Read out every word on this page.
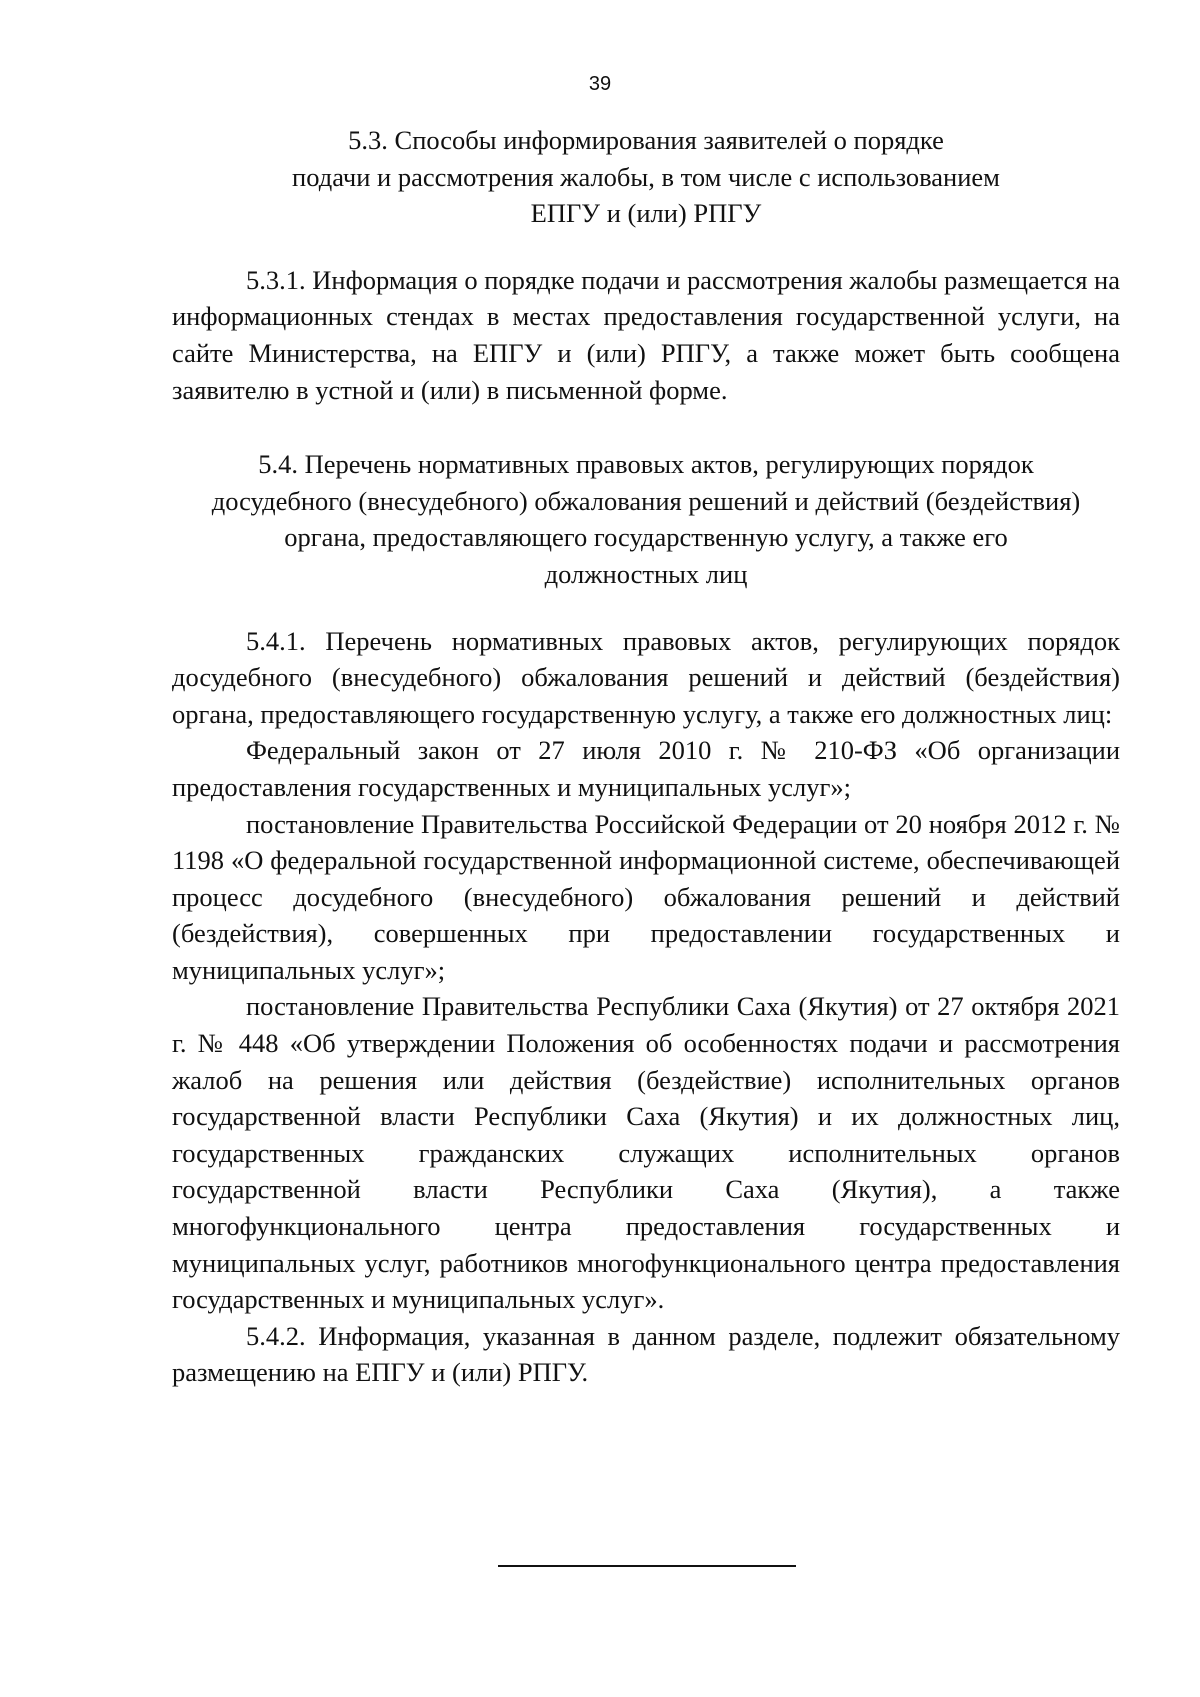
39
5.3. Способы информирования заявителей о порядке
подачи и рассмотрения жалобы, в том числе с использованием
ЕПГУ и (или) РПГУ

5.3.1. Информация о порядке подачи и рассмотрения жалобы размещается на информационных стендах в местах предоставления государственной услуги, на сайте Министерства, на ЕПГУ и (или) РПГУ, а также может быть сообщена заявителю в устной и (или) в письменной форме.

5.4. Перечень нормативных правовых актов, регулирующих порядок
досудебного (внесудебного) обжалования решений и действий (бездействия)
органа, предоставляющего государственную услугу, а также его
должностных лиц

5.4.1. Перечень нормативных правовых актов, регулирующих порядок досудебного (внесудебного) обжалования решений и действий (бездействия) органа, предоставляющего государственную услугу, а также его должностных лиц:

Федеральный закон от 27 июля 2010 г. № 210-ФЗ «Об организации предоставления государственных и муниципальных услуг»;

постановление Правительства Российской Федерации от 20 ноября 2012 г. № 1198 «О федеральной государственной информационной системе, обеспечивающей процесс досудебного (внесудебного) обжалования решений и действий (бездействия), совершенных при предоставлении государственных и муниципальных услуг»;

постановление Правительства Республики Саха (Якутия) от 27 октября 2021 г. № 448 «Об утверждении Положения об особенностях подачи и рассмотрения жалоб на решения или действия (бездействие) исполнительных органов государственной власти Республики Саха (Якутия) и их должностных лиц, государственных гражданских служащих исполнительных органов государственной власти Республики Саха (Якутия), а также многофункционального центра предоставления государственных и муниципальных услуг, работников многофункционального центра предоставления государственных и муниципальных услуг».

5.4.2. Информация, указанная в данном разделе, подлежит обязательному размещению на ЕПГУ и (или) РПГУ.
